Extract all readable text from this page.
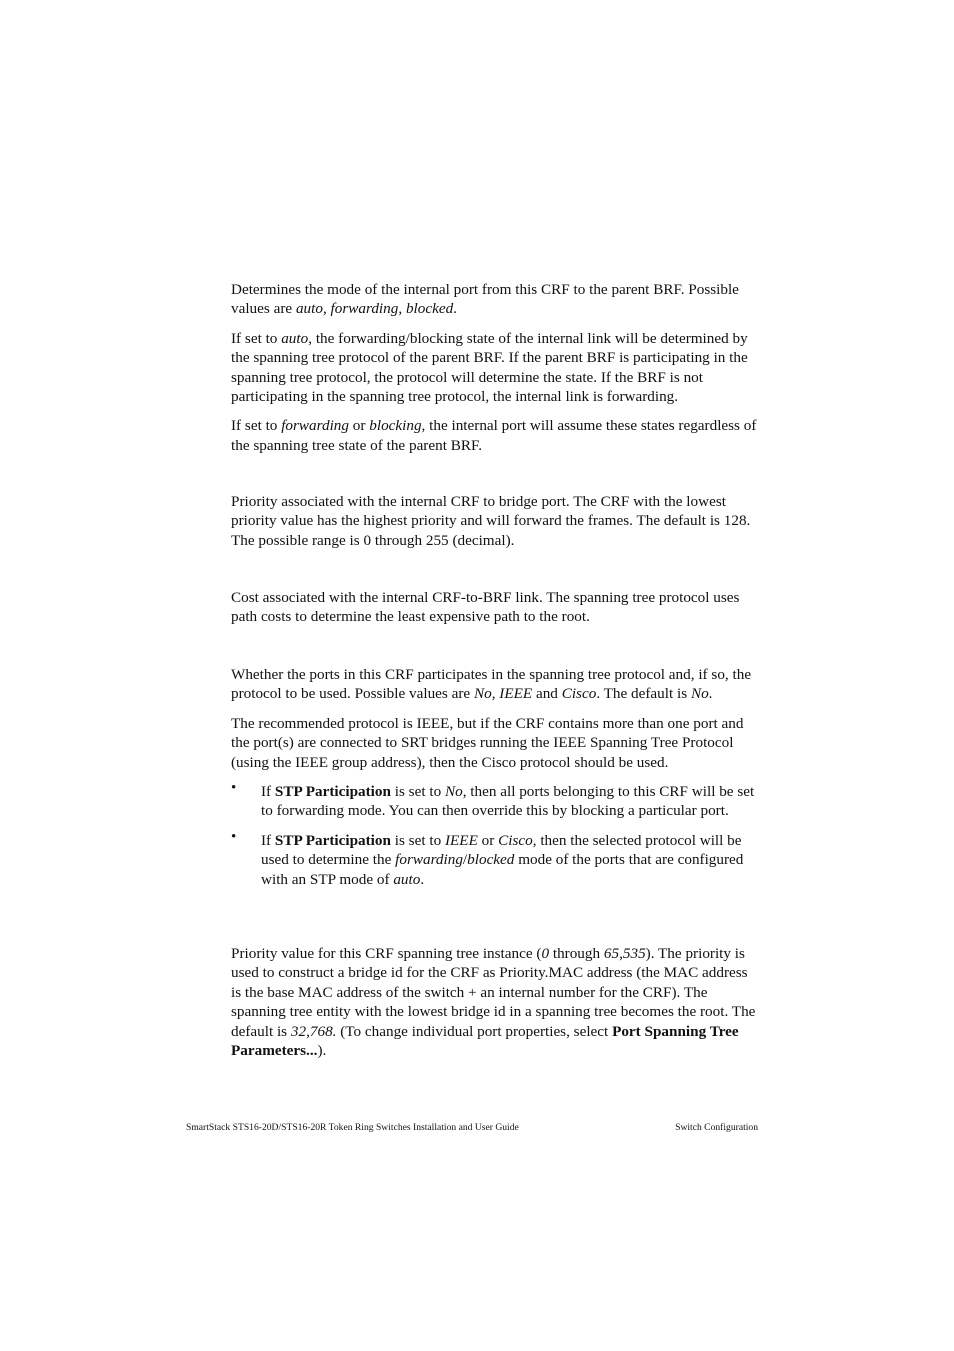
Determines the mode of the internal port from this CRF to the parent BRF. Possible values are auto, forwarding, blocked.

If set to auto, the forwarding/blocking state of the internal link will be determined by the spanning tree protocol of the parent BRF. If the parent BRF is participating in the spanning tree protocol, the protocol will determine the state. If the BRF is not participating in the spanning tree protocol, the internal link is forwarding.

If set to forwarding or blocking, the internal port will assume these states regardless of the spanning tree state of the parent BRF.

Priority associated with the internal CRF to bridge port. The CRF with the lowest priority value has the highest priority and will forward the frames. The default is 128. The possible range is 0 through 255 (decimal).

Cost associated with the internal CRF-to-BRF link. The spanning tree protocol uses path costs to determine the least expensive path to the root.

Whether the ports in this CRF participates in the spanning tree protocol and, if so, the protocol to be used. Possible values are No, IEEE and Cisco. The default is No.

The recommended protocol is IEEE, but if the CRF contains more than one port and the port(s) are connected to SRT bridges running the IEEE Spanning Tree Protocol (using the IEEE group address), then the Cisco protocol should be used.

• If STP Participation is set to No, then all ports belonging to this CRF will be set to forwarding mode. You can then override this by blocking a particular port.

• If STP Participation is set to IEEE or Cisco, then the selected protocol will be used to determine the forwarding/blocked mode of the ports that are configured with an STP mode of auto.

Priority value for this CRF spanning tree instance (0 through 65,535). The priority is used to construct a bridge id for the CRF as Priority.MAC address (the MAC address is the base MAC address of the switch + an internal number for the CRF). The spanning tree entity with the lowest bridge id in a spanning tree becomes the root. The default is 32,768. (To change individual port properties, select Port Spanning Tree Parameters...).

SmartStack STS16-20D/STS16-20R Token Ring Switches Installation and User Guide	Switch Configuration
